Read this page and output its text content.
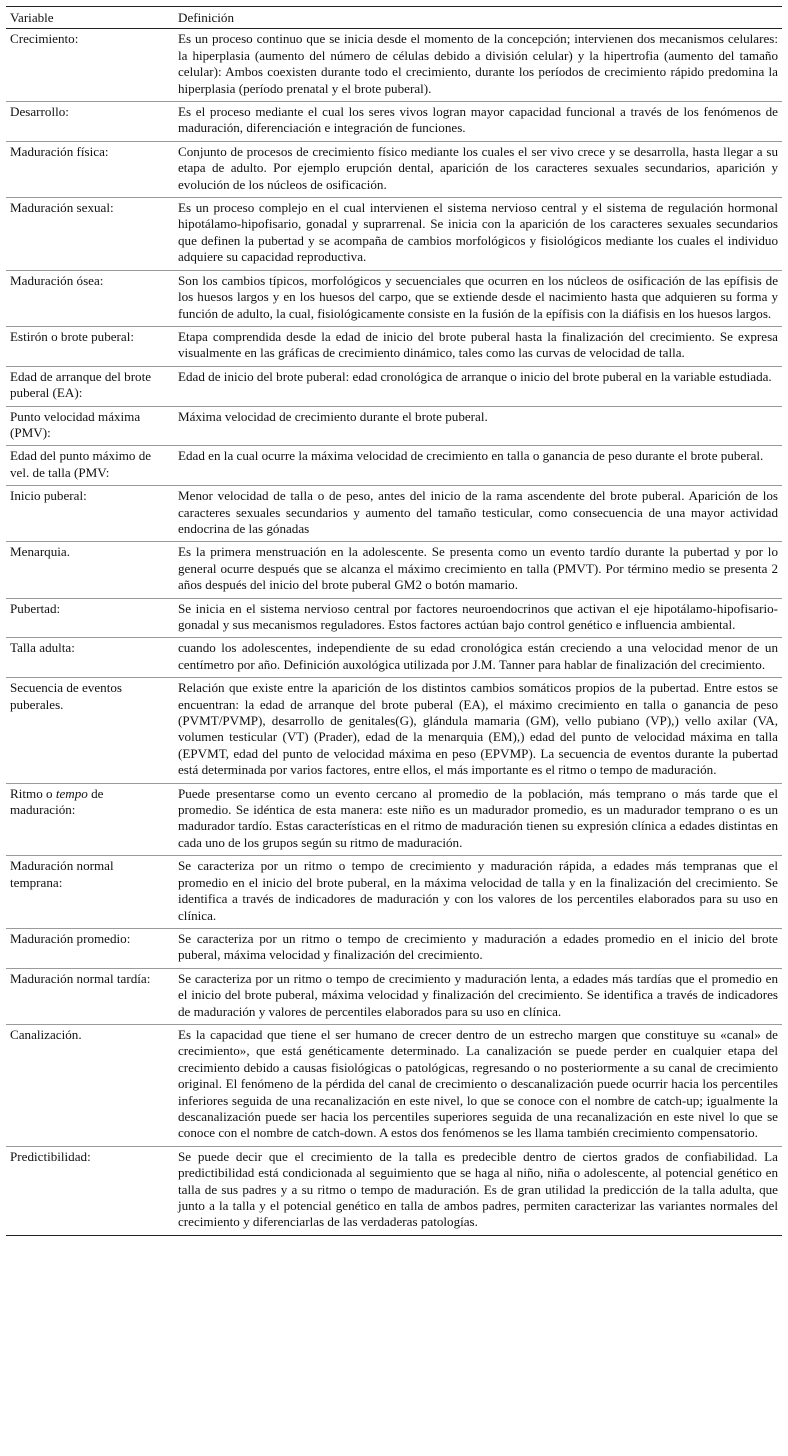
Variable	Definición
Crecimiento:	Es un proceso continuo que se inicia desde el momento de la concepción; intervienen dos mecanismos celulares: la hiperplasia (aumento del número de células debido a división celular) y la hipertrofia (aumento del tamaño celular): Ambos coexisten durante todo el crecimiento, durante los períodos de crecimiento rápido predomina la hiperplasia (período prenatal y el brote puberal).
Desarrollo:	Es el proceso mediante el cual los seres vivos logran mayor capacidad funcional a través de los fenómenos de maduración, diferenciación e integración de funciones.
Maduración física:	Conjunto de procesos de crecimiento físico mediante los cuales el ser vivo crece y se desarrolla, hasta llegar a su etapa de adulto. Por ejemplo erupción dental, aparición de los caracteres sexuales secundarios, aparición y evolución de los núcleos de osificación.
Maduración sexual:	Es un proceso complejo en el cual intervienen el sistema nervioso central y el sistema de regulación hormonal hipotálamo-hipofisario, gonadal y suprarrenal. Se inicia con la aparición de los caracteres sexuales secundarios que definen la pubertad y se acompaña de cambios morfológicos y fisiológicos mediante los cuales el individuo adquiere su capacidad reproductiva.
Maduración ósea:	Son los cambios típicos, morfológicos y secuenciales que ocurren en los núcleos de osificación de las epífisis de los huesos largos y en los huesos del carpo, que se extiende desde el nacimiento hasta que adquieren su forma y función de adulto, la cual, fisiológicamente consiste en la fusión de la epífisis con la diáfisis en los huesos largos.
Estirón o brote puberal:	Etapa comprendida desde la edad de inicio del brote puberal hasta la finalización del crecimiento. Se expresa visualmente en las gráficas de crecimiento dinámico, tales como las curvas de velocidad de talla.
Edad de arranque del brote puberal (EA):	Edad de inicio del brote puberal: edad cronológica de arranque o inicio del brote puberal en la variable estudiada.
Punto velocidad máxima (PMV):	Máxima velocidad de crecimiento durante el brote puberal.
Edad del punto máximo de vel. de talla (PMV:	Edad en la cual ocurre la máxima velocidad de crecimiento en talla o ganancia de peso durante el brote puberal.
Inicio puberal:	Menor velocidad de talla o de peso, antes del inicio de la rama ascendente del brote puberal. Aparición de los caracteres sexuales secundarios y aumento del tamaño testicular, como consecuencia de una mayor actividad endocrina de las gónadas
Menarquia.	Es la primera menstruación en la adolescente. Se presenta como un evento tardío durante la pubertad y por lo general ocurre después que se alcanza el máximo crecimiento en talla (PMVT). Por término medio se presenta 2 años después del inicio del brote puberal GM2 o botón mamario.
Pubertad:	Se inicia en el sistema nervioso central por factores neuroendocrinos que activan el eje hipotálamo-hipofisario-gonadal y sus mecanismos reguladores. Estos factores actúan bajo control genético e influencia ambiental.
Talla adulta:	cuando los adolescentes, independiente de su edad cronológica están creciendo a una velocidad menor de un centímetro por año. Definición auxológica utilizada por J.M. Tanner para hablar de finalización del crecimiento.
Secuencia de eventos puberales.	Relación que existe entre la aparición de los distintos cambios somáticos propios de la pubertad. Entre estos se encuentran: la edad de arranque del brote puberal (EA), el máximo crecimiento en talla o ganancia de peso (PVMT/PVMP), desarrollo de genitales(G), glándula mamaria (GM), vello pubiano (VP),) vello axilar (VA, volumen testicular (VT) (Prader), edad de la menarquia (EM),) edad del punto de velocidad máxima en talla (EPVMT, edad del punto de velocidad máxima en peso (EPVMP). La secuencia de eventos durante la pubertad está determinada por varios factores, entre ellos, el más importante es el ritmo o tempo de maduración.
Ritmo o tempo de maduración:	Puede presentarse como un evento cercano al promedio de la población, más temprano o más tarde que el promedio. Se idéntica de esta manera: este niño es un madurador promedio, es un madurador temprano o es un madurador tardío. Estas características en el ritmo de maduración tienen su expresión clínica a edades distintas en cada uno de los grupos según su ritmo de maduración.
Maduración normal temprana:	Se caracteriza por un ritmo o tempo de crecimiento y maduración rápida, a edades más tempranas que el promedio en el inicio del brote puberal, en la máxima velocidad de talla y en la finalización del crecimiento. Se identifica a través de indicadores de maduración y con los valores de los percentiles elaborados para su uso en clínica.
Maduración promedio:	Se caracteriza por un ritmo o tempo de crecimiento y maduración a edades promedio en el inicio del brote puberal, máxima velocidad y finalización del crecimiento.
Maduración normal tardía:	Se caracteriza por un ritmo o tempo de crecimiento y maduración lenta, a edades más tardías que el promedio en el inicio del brote puberal, máxima velocidad y finalización del crecimiento. Se identifica a través de indicadores de maduración y valores de percentiles elaborados para su uso en clínica.
Canalización.	Es la capacidad que tiene el ser humano de crecer dentro de un estrecho margen que constituye su «canal» de crecimiento», que está genéticamente determinado. La canalización se puede perder en cualquier etapa del crecimiento debido a causas fisiológicas o patológicas, regresando o no posteriormente a su canal de crecimiento original. El fenómeno de la pérdida del canal de crecimiento o descanalización puede ocurrir hacia los percentiles inferiores seguida de una recanalización en este nivel, lo que se conoce con el nombre de catch-up; igualmente la descanalización puede ser hacia los percentiles superiores seguida de una recanalización en este nivel lo que se conoce con el nombre de catch-down. A estos dos fenómenos se les llama también crecimiento compensatorio.
Predictibilidad:	Se puede decir que el crecimiento de la talla es predecible dentro de ciertos grados de confiabilidad. La predictibilidad está condicionada al seguimiento que se haga al niño, niña o adolescente, al potencial genético en talla de sus padres y a su ritmo o tempo de maduración. Es de gran utilidad la predicción de la talla adulta, que junto a la talla y el potencial genético en talla de ambos padres, permiten caracterizar las variantes normales del crecimiento y diferenciarlas de las verdaderas patologías.
